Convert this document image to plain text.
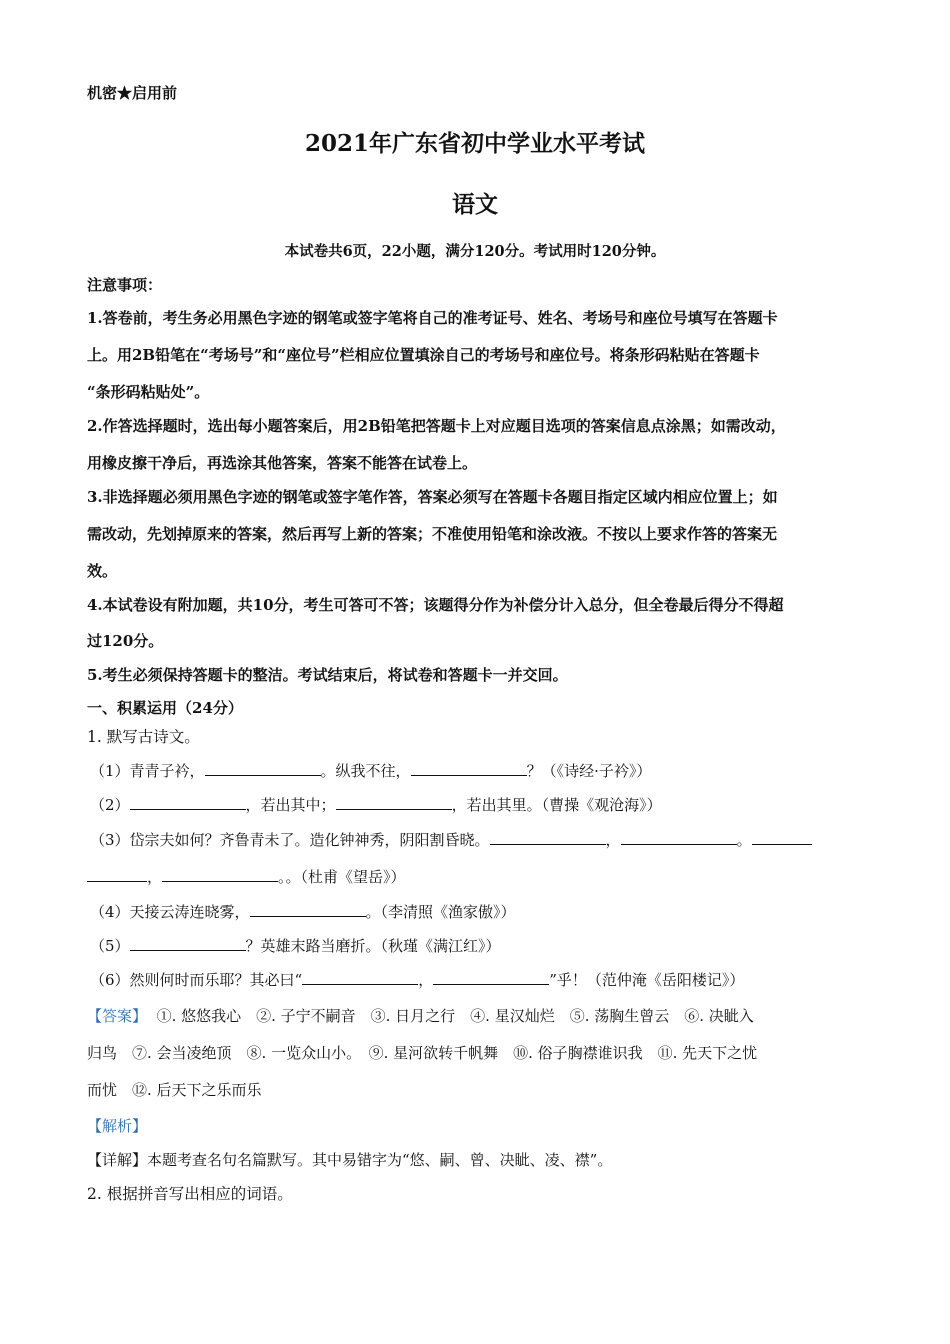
机密★启用前
2021年广东省初中学业水平考试
语文
本试卷共6页，22小题，满分120分。考试用时120分钟。
注意事项：
1.答卷前，考生务必用黑色字迹的钢笔或签字笔将自己的准考证号、姓名、考场号和座位号填写在答题卡
上。用2B铅笔在“考场号”和“座位号”栏相应位置填涂自己的考场号和座位号。将条形码粘贴在答题卡
“条形码粘贴处”。
2.作答选择题时，选出每小题答案后，用2B铅笔把答题卡上对应题目选项的答案信息点涂黑；如需改动，
用橡皮擦干净后，再选涂其他答案，答案不能答在试卷上。
3.非选择题必须用黑色字迹的钢笔或签字笔作答，答案必须写在答题卡各题目指定区域内相应位置上；如
需改动，先划掉原来的答案，然后再写上新的答案；不准使用铅笔和涂改液。不按以上要求作答的答案无
效。
4.本试卷设有附加题，共10分，考生可答可不答；该题得分作为补偿分计入总分，但全卷最后得分不得超
过120分。
5.考生必须保持答题卡的整洁。考试结束后，将试卷和答题卡一并交回。
一、积累运用（24分）
1. 默写古诗文。
（1）青青子衿，	。纵我不往，	？（《诗经·子衿》）
（2）	，若出其中；	，若出其里。（曹操《观沧海》）
（3）岱宗夫如何？齐鲁青未了。造化钟神秀，阴阳割昏晓。	，	。
，	。。（杜甫《望岳》）
（4）天接云涛连晓雾，	。（李清照《渔家傲》）
（5）	？英雄末路当磨折。（秋瑾《满江红》）
（6）然则何时而乐耶？其必曰“	，	”乎！（范仲淹《岳阳楼记》）
【答案】 ①. 悠悠我心　②. 子宁不嗣音　③. 日月之行　④. 星汉灿烂　⑤. 荡胸生曾云　⑥. 决眦入
归鸟　⑦. 会当凌绝顶　⑧. 一览众山小。　⑨. 星河欲转千帆舞　⑩. 俗子胸襟谁识我　⑪. 先天下之忧
而忧　⑫. 后天下之乐而乐
【解析】
【详解】本题考查名句名篇默写。其中易错字为“悠、嗣、曾、决眦、凌、襟”。
2. 根据拼音写出相应的词语。
